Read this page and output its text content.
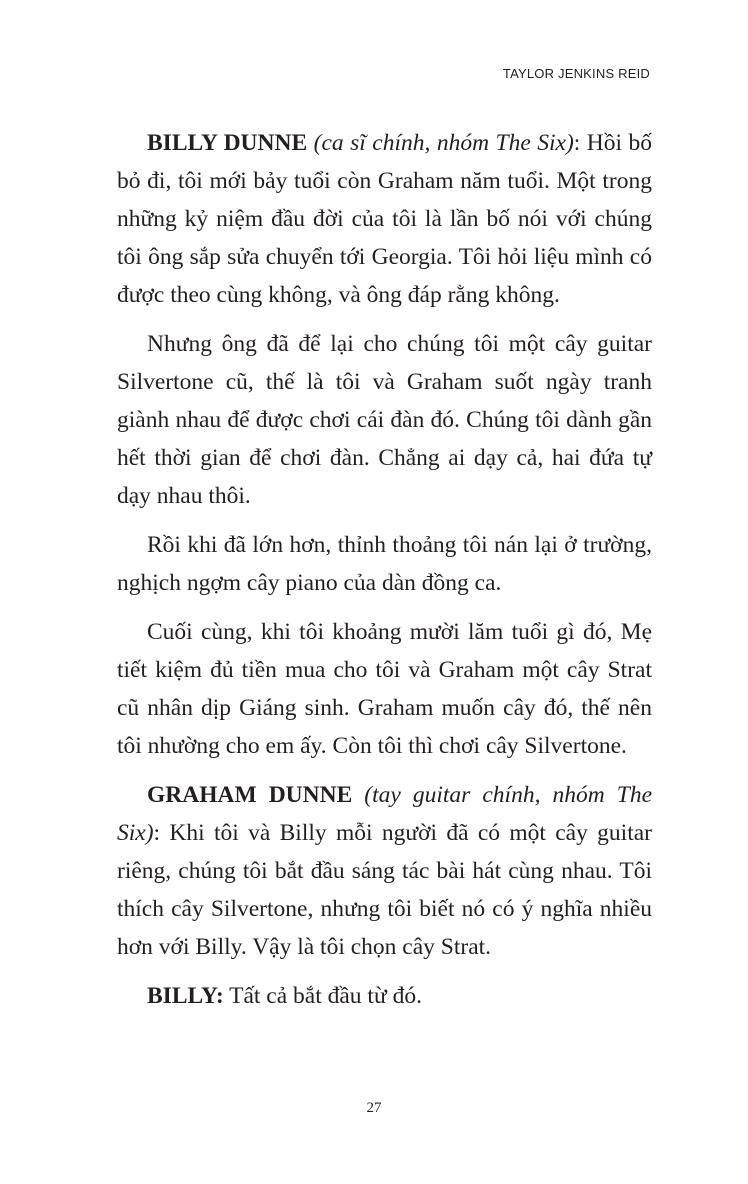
TAYLOR JENKINS REID

BILLY DUNNE (ca sĩ chính, nhóm The Six): Hồi bố bỏ đi, tôi mới bảy tuổi còn Graham năm tuổi. Một trong những kỷ niệm đầu đời của tôi là lần bố nói với chúng tôi ông sắp sửa chuyển tới Georgia. Tôi hỏi liệu mình có được theo cùng không, và ông đáp rằng không.

Nhưng ông đã để lại cho chúng tôi một cây guitar Silvertone cũ, thế là tôi và Graham suốt ngày tranh giành nhau để được chơi cái đàn đó. Chúng tôi dành gần hết thời gian để chơi đàn. Chẳng ai dạy cả, hai đứa tự dạy nhau thôi.

Rồi khi đã lớn hơn, thỉnh thoảng tôi nán lại ở trường, nghịch ngợm cây piano của dàn đồng ca.

Cuối cùng, khi tôi khoảng mười lăm tuổi gì đó, Mẹ tiết kiệm đủ tiền mua cho tôi và Graham một cây Strat cũ nhân dịp Giáng sinh. Graham muốn cây đó, thế nên tôi nhường cho em ấy. Còn tôi thì chơi cây Silvertone.

GRAHAM DUNNE (tay guitar chính, nhóm The Six): Khi tôi và Billy mỗi người đã có một cây guitar riêng, chúng tôi bắt đầu sáng tác bài hát cùng nhau. Tôi thích cây Silvertone, nhưng tôi biết nó có ý nghĩa nhiều hơn với Billy. Vậy là tôi chọn cây Strat.

BILLY: Tất cả bắt đầu từ đó.

27
